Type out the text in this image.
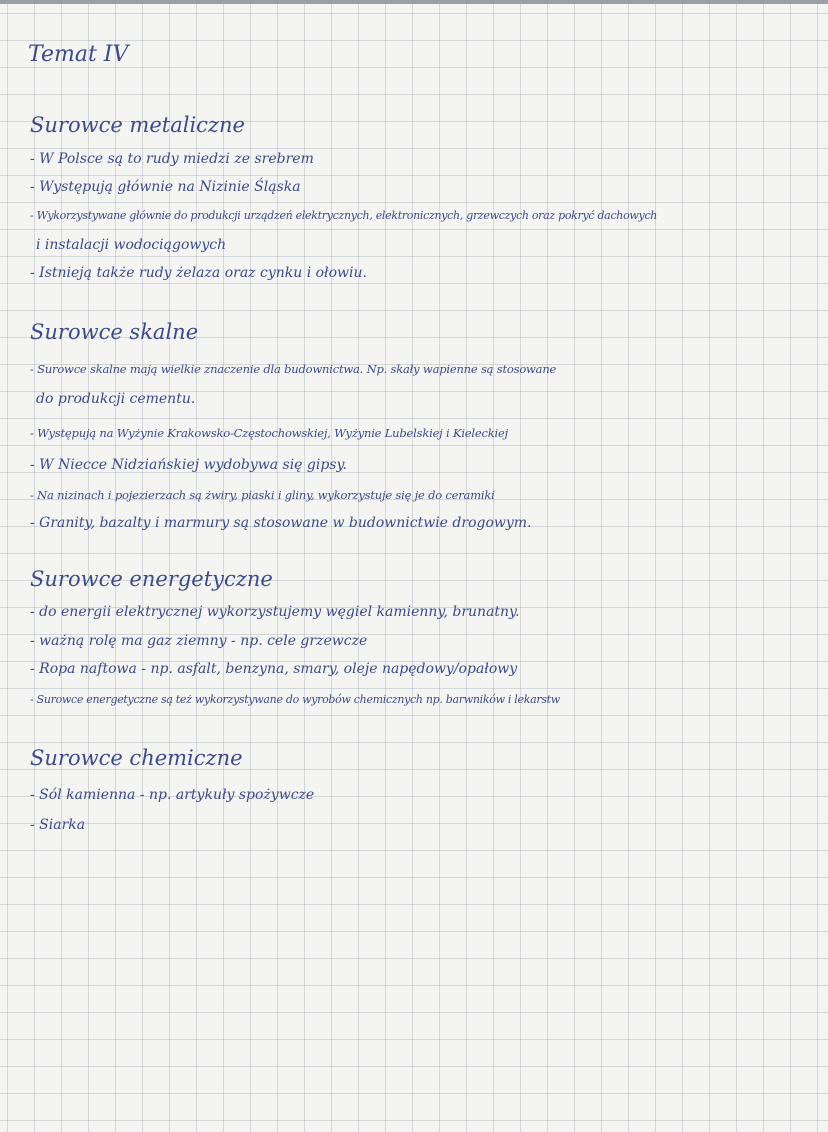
Temat IV
Surowce metaliczne
- W Polsce są to rudy miedzi ze srebrem
- Występują głównie na Nizinie Śląska
- Wykorzystywane głównie do produkcji urządzeń elektrycznych, elektronicznych, grzewczych oraz pokryć dachowych
i instalacji wodociągowych
- Istnieją także rudy żelaza oraz cynku i ołowiu.
Surowce skalne
- Surowce skalne mają wielkie znaczenie dla budownictwa. Np. skały wapienne są stosowane
do produkcji cementu.
- Występują na Wyżynie Krakowsko-Częstochowskiej, Wyżynie Lubelskiej i Kieleckiej
- W Niecce Nidziańskiej wydobywa się gipsy.
- Na nizinach i pojezierzach są żwiry, piaski i gliny, wykorzystuje się je do ceramiki
- Granity, bazalty i marmury są stosowane w budownictwie drogowym.
Surowce energetyczne
- do energii elektrycznej wykorzystujemy węgiel kamienny, brunatny.
- ważną rolę ma gaz ziemny - np. cele grzewcze
- Ropa naftowa - np. asfalt, benzyna, smary, oleje napędowy/opałowy
- Surowce energetyczne są też wykorzystywane do wyrobów chemicznych np. barwników i lekarstw
Surowce chemiczne
- Sól kamienna - np. artykuły spożywcze
- Siarka
